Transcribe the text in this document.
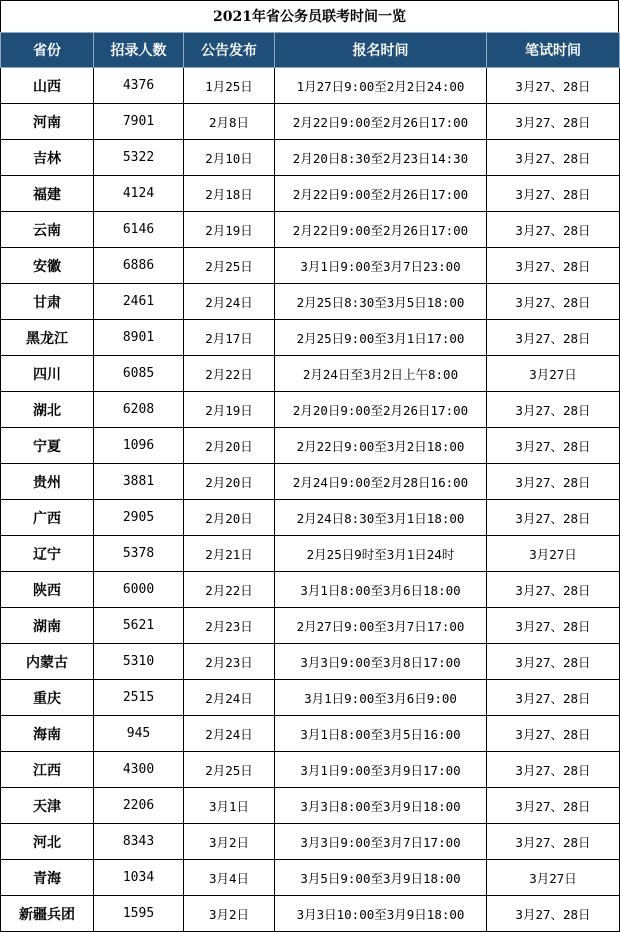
2021年省公务员联考时间一览
省份	招录人数	公告发布	报名时间	笔试时间
山西	4376	1月25日	1月27日9:00至2月2日24:00	3月27、28日
河南	7901	2月8日	2月22日9:00至2月26日17:00	3月27、28日
吉林	5322	2月10日	2月20日8:30至2月23日14:30	3月27、28日
福建	4124	2月18日	2月22日9:00至2月26日17:00	3月27、28日
云南	6146	2月19日	2月22日9:00至2月26日17:00	3月27、28日
安徽	6886	2月25日	3月1日9:00至3月7日23:00	3月27、28日
甘肃	2461	2月24日	2月25日8:30至3月5日18:00	3月27、28日
黑龙江	8901	2月17日	2月25日9:00至3月1日17:00	3月27、28日
四川	6085	2月22日	2月24日至3月2日上午8:00	3月27日
湖北	6208	2月19日	2月20日9:00至2月26日17:00	3月27、28日
宁夏	1096	2月20日	2月22日9:00至3月2日18:00	3月27、28日
贵州	3881	2月20日	2月24日9:00至2月28日16:00	3月27、28日
广西	2905	2月20日	2月24日8:30至3月1日18:00	3月27、28日
辽宁	5378	2月21日	2月25日9时至3月1日24时	3月27日
陕西	6000	2月22日	3月1日8:00至3月6日18:00	3月27、28日
湖南	5621	2月23日	2月27日9:00至3月7日17:00	3月27、28日
内蒙古	5310	2月23日	3月3日9:00至3月8日17:00	3月27、28日
重庆	2515	2月24日	3月1日9:00至3月6日9:00	3月27、28日
海南	945	2月24日	3月1日8:00至3月5日16:00	3月27、28日
江西	4300	2月25日	3月1日9:00至3月9日17:00	3月27、28日
天津	2206	3月1日	3月3日8:00至3月9日18:00	3月27、28日
河北	8343	3月2日	3月3日9:00至3月7日17:00	3月27、28日
青海	1034	3月4日	3月5日9:00至3月9日18:00	3月27日
新疆兵团	1595	3月2日	3月3日10:00至3月9日18:00	3月27、28日
